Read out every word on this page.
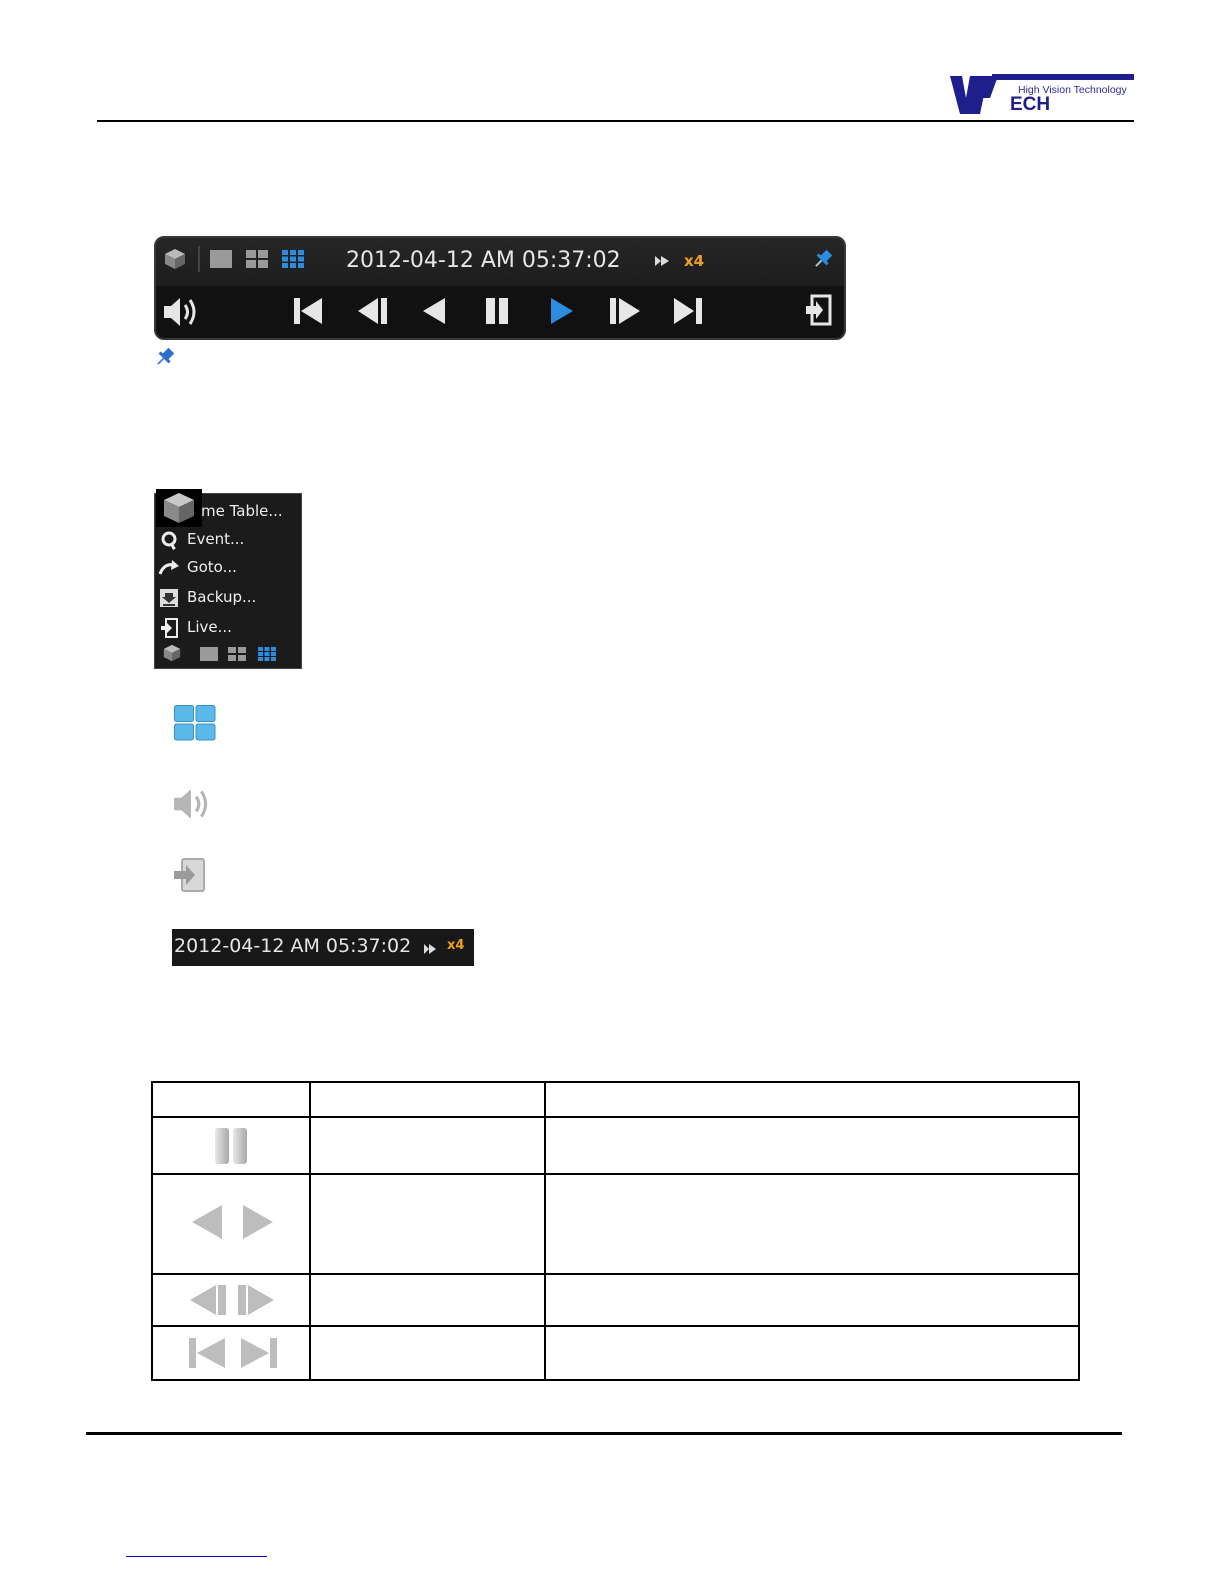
High Vision Technology
ECH
2012-04-12 AM 05:37:02	x4
me Table...
Event...
Goto...
Backup...
Live...
2012-04-12 AM 05:37:02	x4
